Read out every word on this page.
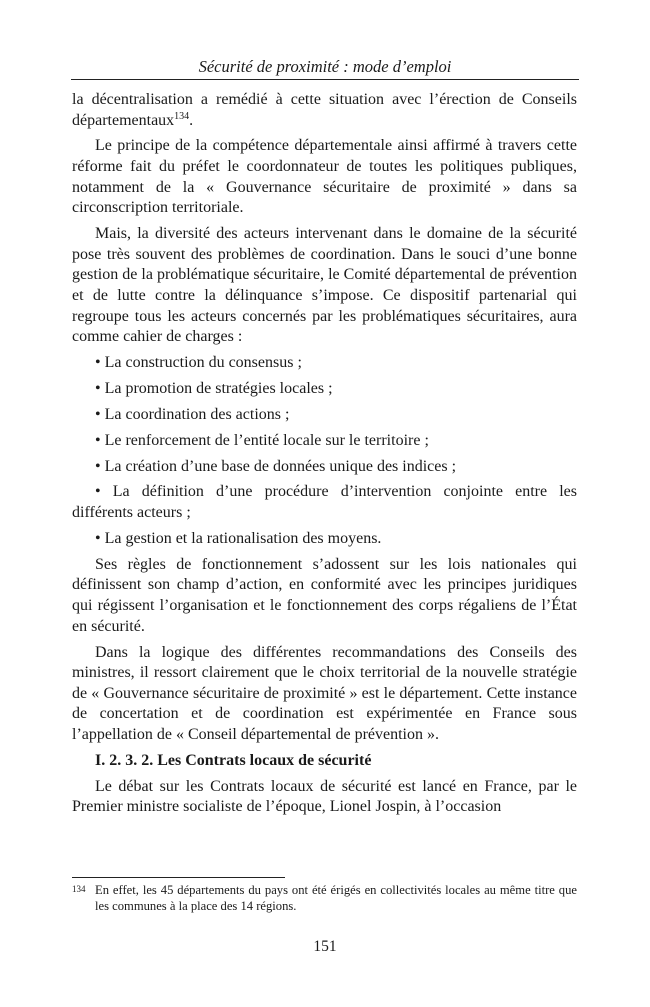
Sécurité de proximité : mode d’emploi

la décentralisation a remédié à cette situation avec l’érection de Conseils départementaux$^{134}$.

Le principe de la compétence départementale ainsi affirmé à travers cette réforme fait du préfet le coordonnateur de toutes les politiques publiques, notamment de la « Gouvernance sécuritaire de proximité » dans sa circonscription territoriale.

Mais, la diversité des acteurs intervenant dans le domaine de la sécurité pose très souvent des problèmes de coordination. Dans le souci d’une bonne gestion de la problématique sécuritaire, le Comité départemental de prévention et de lutte contre la délinquance s’impose. Ce dispositif partenarial qui regroupe tous les acteurs concernés par les problématiques sécuritaires, aura comme cahier de charges :

• La construction du consensus ;

• La promotion de stratégies locales ;

• La coordination des actions ;

• Le renforcement de l’entité locale sur le territoire ;

• La création d’une base de données unique des indices ;

• La définition d’une procédure d’intervention conjointe entre les différents acteurs ;

• La gestion et la rationalisation des moyens.

Ses règles de fonctionnement s’adossent sur les lois nationales qui définissent son champ d’action, en conformité avec les principes juridiques qui régissent l’organisation et le fonctionnement des corps régaliens de l’État en sécurité.

Dans la logique des différentes recommandations des Conseils des ministres, il ressort clairement que le choix territorial de la nouvelle stratégie de « Gouvernance sécuritaire de proximité » est le département. Cette instance de concertation et de coordination est expérimentée en France sous l’appellation de « Conseil départemental de prévention ».

I. 2. 3. 2. Les Contrats locaux de sécurité

Le débat sur les Contrats locaux de sécurité est lancé en France, par le Premier ministre socialiste de l’époque, Lionel Jospin, à l’occasion

134 En effet, les 45 départements du pays ont été érigés en collectivités locales au même titre que les communes à la place des 14 régions.
151
